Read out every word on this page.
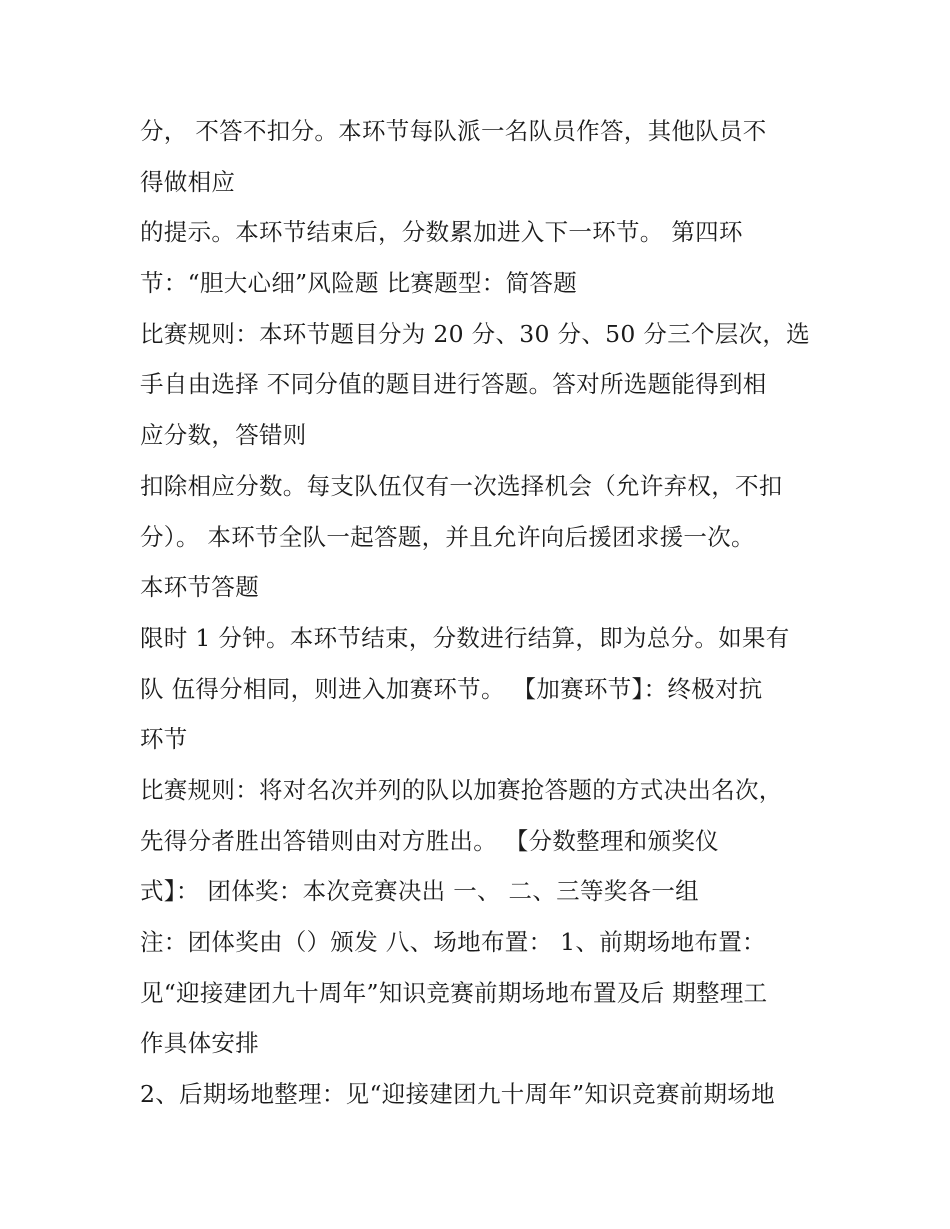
分， 不答不扣分。本环节每队派一名队员作答，其他队员不
得做相应
的提示。本环节结束后，分数累加进入下一环节。 第四环
节：“胆大心细”风险题 比赛题型：简答题
比赛规则：本环节题目分为 20 分、30 分、50 分三个层次，选
手自由选择 不同分值的题目进行答题。答对所选题能得到相
应分数，答错则
扣除相应分数。每支队伍仅有一次选择机会（允许弃权，不扣
分）。 本环节全队一起答题，并且允许向后援团求援一次。
本环节答题
限时 1 分钟。本环节结束，分数进行结算，即为总分。如果有
队 伍得分相同，则进入加赛环节。 【加赛环节】：终极对抗
环节
比赛规则：将对名次并列的队以加赛抢答题的方式决出名次，
先得分者胜出答错则由对方胜出。 【分数整理和颁奖仪
式】： 团体奖：本次竞赛决出 一、 二、三等奖各一组
注：团体奖由（）颁发 八、场地布置： 1、前期场地布置：
见“迎接建团九十周年”知识竞赛前期场地布置及后 期整理工
作具体安排
2、后期场地整理：见“迎接建团九十周年”知识竞赛前期场地
